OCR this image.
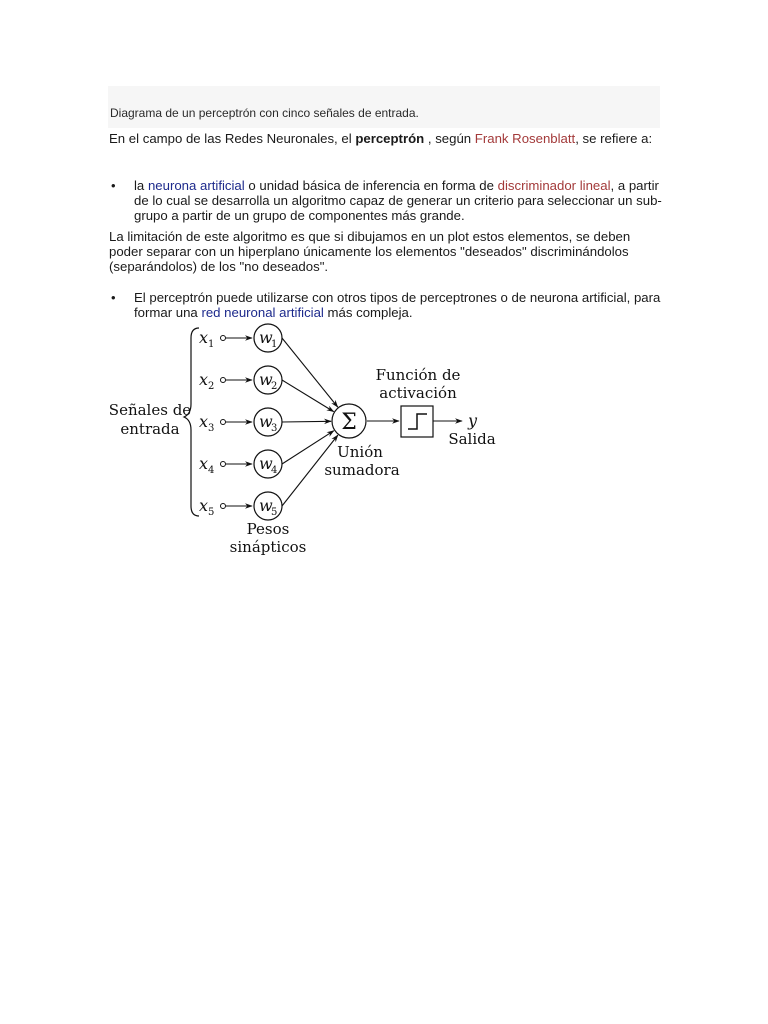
Diagrama de un perceptrón con cinco señales de entrada.

En el campo de las Redes Neuronales, el perceptrón , según Frank Rosenblatt, se refiere a:

• la neurona artificial o unidad básica de inferencia en forma de discriminador lineal, a partir de lo cual se desarrolla un algoritmo capaz de generar un criterio para seleccionar un sub-grupo a partir de un grupo de componentes más grande.

La limitación de este algoritmo es que si dibujamos en un plot estos elementos, se deben poder separar con un hiperplano únicamente los elementos "deseados" discriminándolos (separándolos) de los "no deseados".

• El perceptrón puede utilizarse con otros tipos de perceptrones o de neurona artificial, para formar una red neuronal artificial más compleja.

Señales de
entrada
x 1	w
1
x 2	w
2
x 3	w
3
x 4	w
4
x 5	w
5
Σ
Unión
sumadora
Función de
activación
y
Salida
Pesos
sinápticos
